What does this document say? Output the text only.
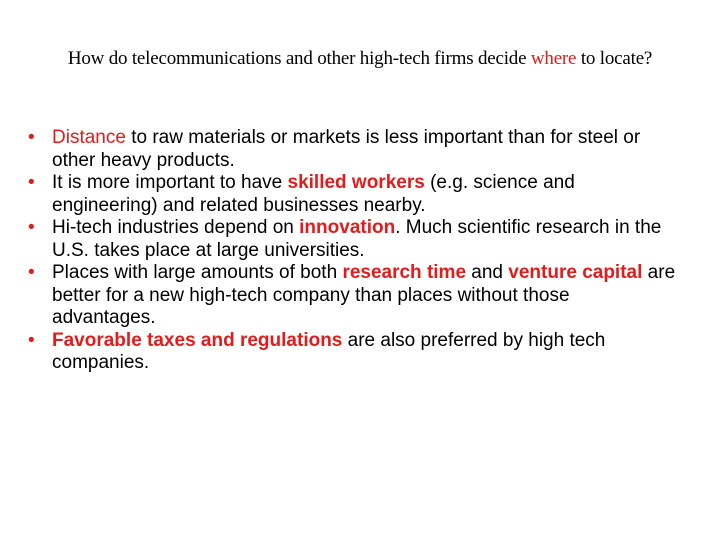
How do telecommunications and other high-tech firms decide where to locate?
• Distance to raw materials or markets is less important than for steel or other heavy products.
• It is more important to have skilled workers (e.g. science and engineering) and related businesses nearby.
• Hi-tech industries depend on innovation. Much scientific research in the U.S. takes place at large universities.
• Places with large amounts of both research time and venture capital are better for a new high-tech company than places without those advantages.
• Favorable taxes and regulations are also preferred by high tech companies.
